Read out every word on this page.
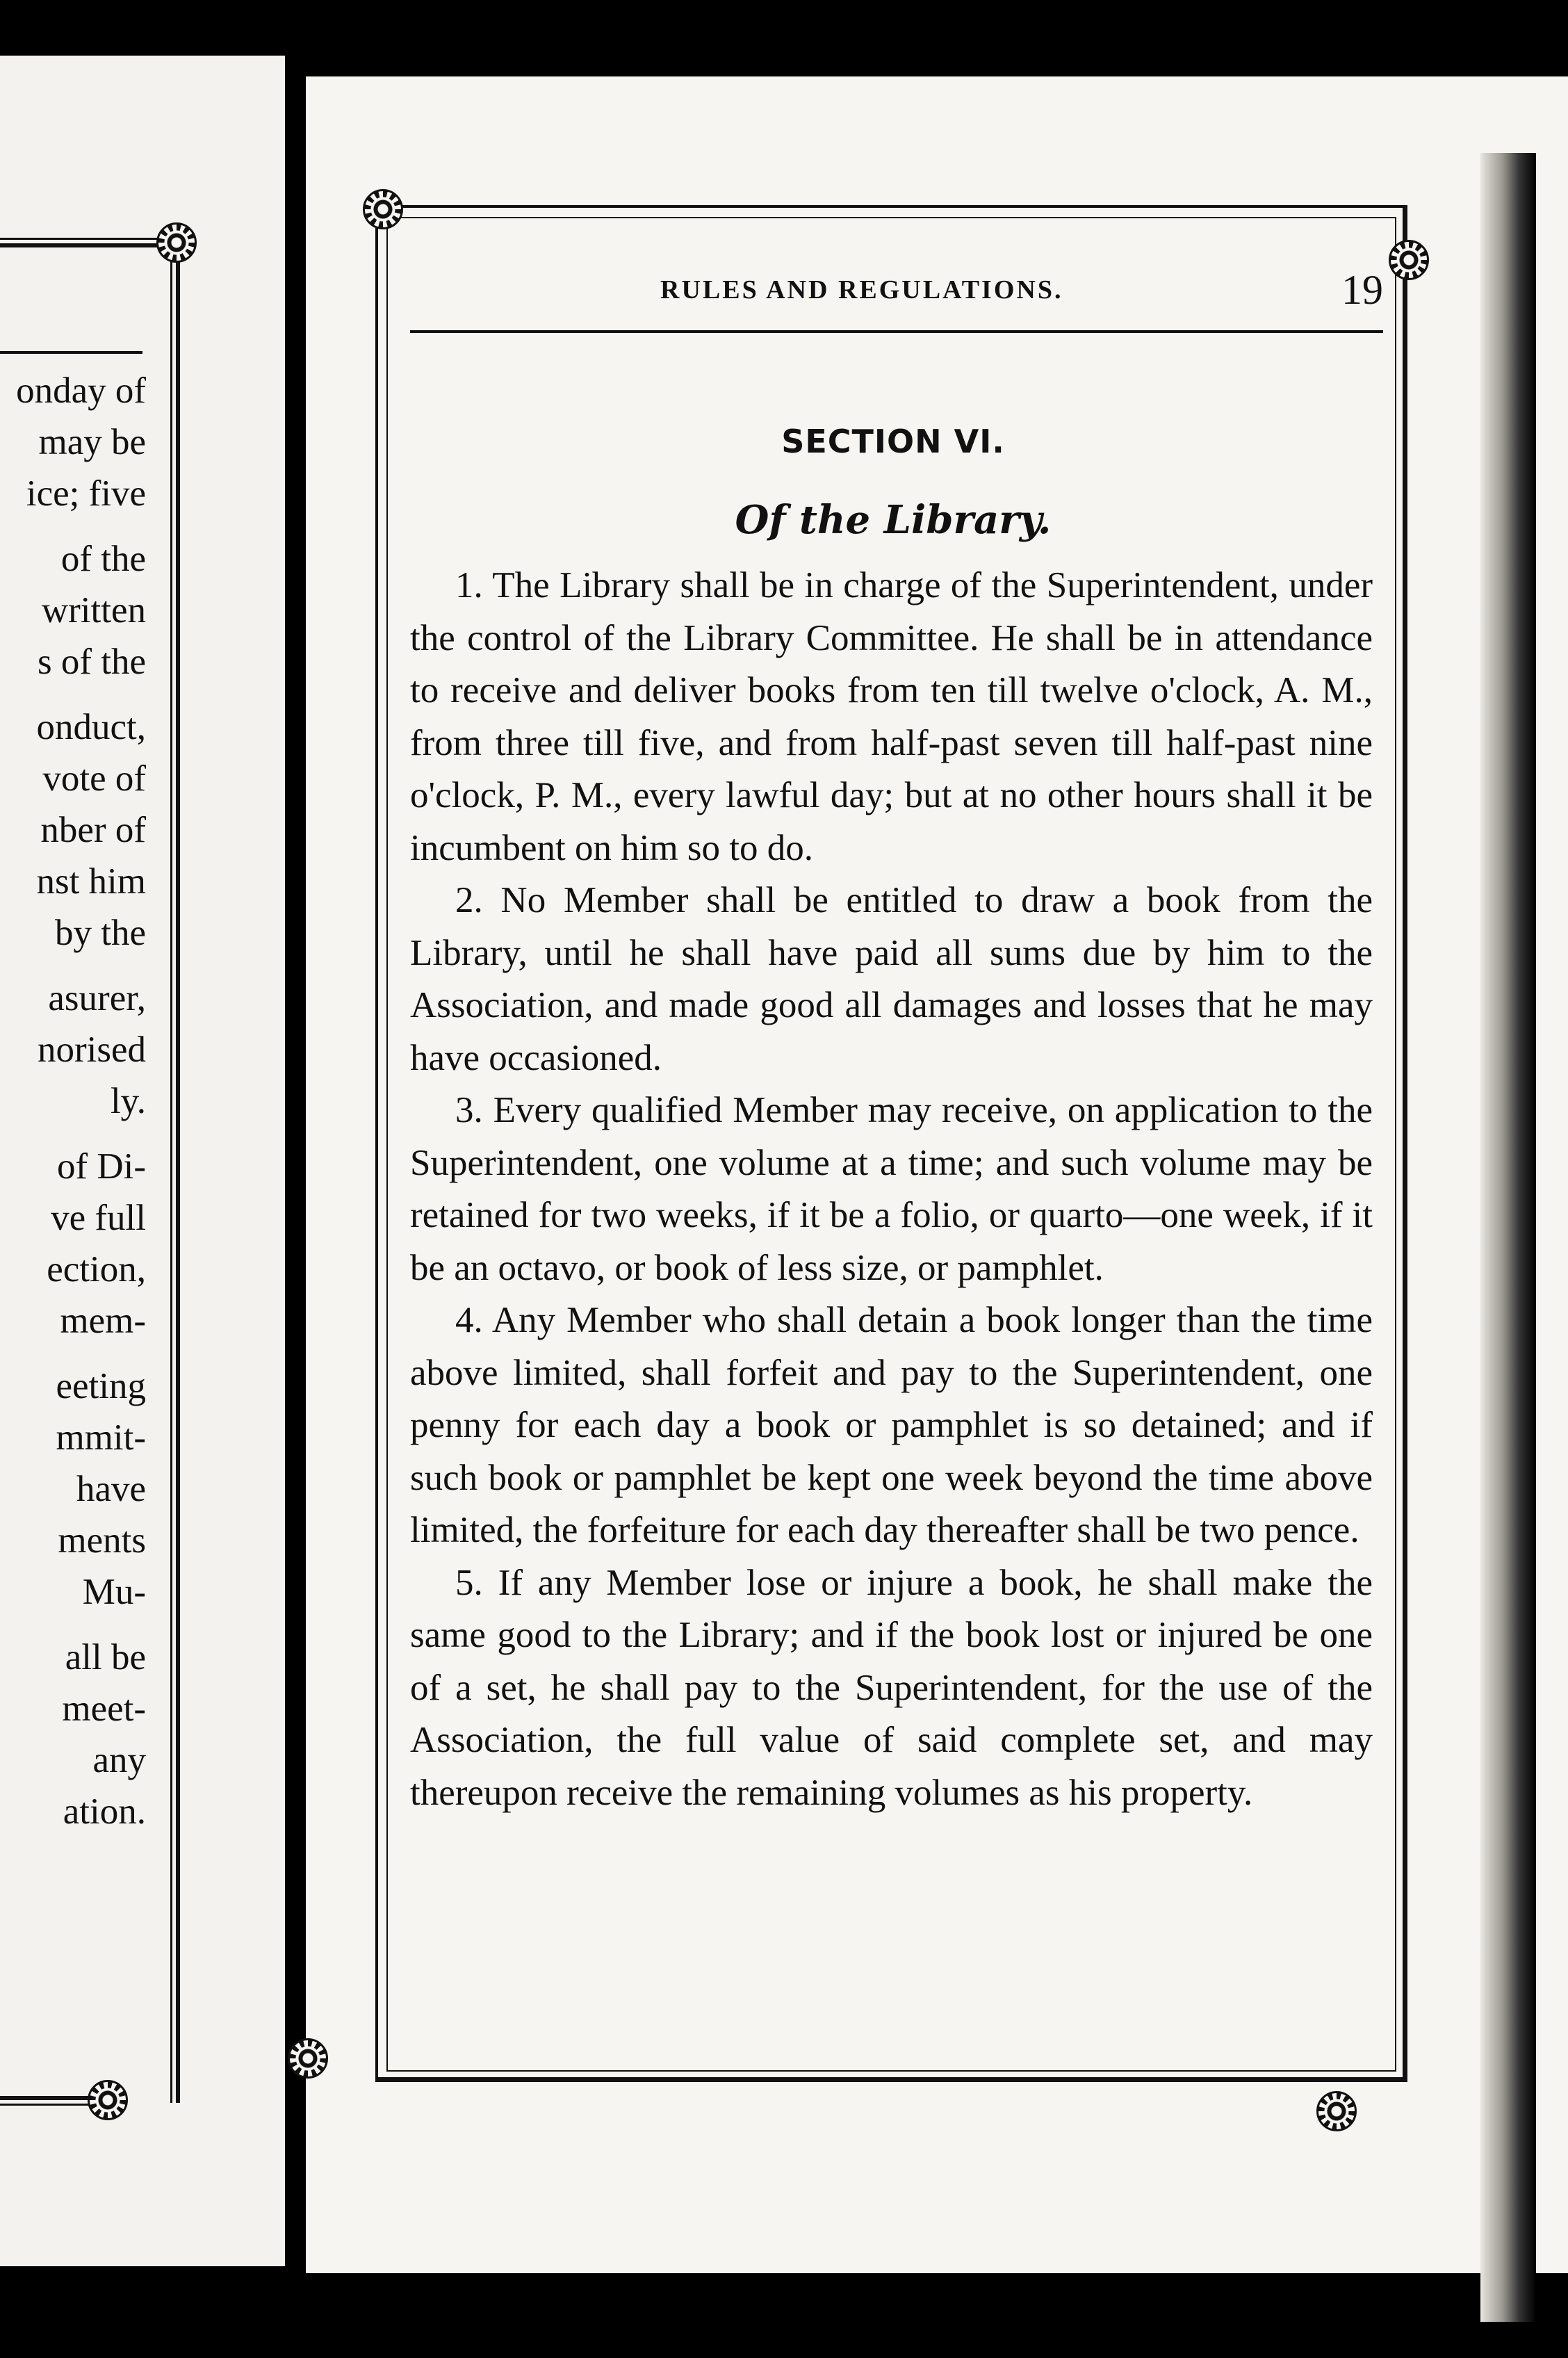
onday of
may be
ice; five
of the
written
s of the
onduct,
vote of
nber of
nst him
by the
asurer,
norised
ly.
of Di-
ve full
ection,
mem-
eeting
mmit-
have
ments
Mu-
all be
meet-
any
ation.
RULES AND REGULATIONS.	19
SECTION VI.
Of the Library.

1. The Library shall be in charge of the Superintendent, under the control of the Library Committee. He shall be in attendance to receive and deliver books from ten till twelve o'clock, A. M., from three till five, and from half-past seven till half-past nine o'clock, P. M., every lawful day; but at no other hours shall it be incumbent on him so to do.

2. No Member shall be entitled to draw a book from the Library, until he shall have paid all sums due by him to the Association, and made good all damages and losses that he may have occasioned.

3. Every qualified Member may receive, on application to the Superintendent, one volume at a time; and such volume may be retained for two weeks, if it be a folio, or quarto—one week, if it be an octavo, or book of less size, or pamphlet.

4. Any Member who shall detain a book longer than the time above limited, shall forfeit and pay to the Superintendent, one penny for each day a book or pamphlet is so detained; and if such book or pamphlet be kept one week beyond the time above limited, the forfeiture for each day thereafter shall be two pence.

5. If any Member lose or injure a book, he shall make the same good to the Library; and if the book lost or injured be one of a set, he shall pay to the Superintendent, for the use of the Association, the full value of said complete set, and may thereupon receive the remaining volumes as his property.
